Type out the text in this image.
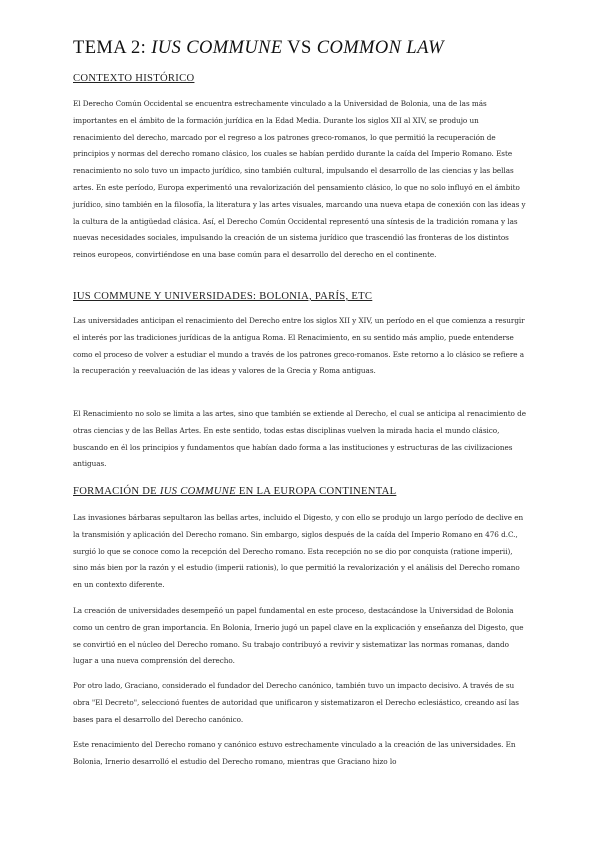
TEMA 2: IUS COMMUNE VS COMMON LAW
CONTEXTO HISTÓRICO

El Derecho Común Occidental se encuentra estrechamente vinculado a la Universidad de Bolonia, una de las más importantes en el ámbito de la formación jurídica en la Edad Media. Durante los siglos XII al XIV, se produjo un renacimiento del derecho, marcado por el regreso a los patrones greco-romanos, lo que permitió la recuperación de principios y normas del derecho romano clásico, los cuales se habían perdido durante la caída del Imperio Romano. Este renacimiento no solo tuvo un impacto jurídico, sino también cultural, impulsando el desarrollo de las ciencias y las bellas artes. En este período, Europa experimentó una revalorización del pensamiento clásico, lo que no solo influyó en el ámbito jurídico, sino también en la filosofía, la literatura y las artes visuales, marcando una nueva etapa de conexión con las ideas y la cultura de la antigüedad clásica. Así, el Derecho Común Occidental representó una síntesis de la tradición romana y las nuevas necesidades sociales, impulsando la creación de un sistema jurídico que trascendió las fronteras de los distintos reinos europeos, convirtiéndose en una base común para el desarrollo del derecho en el continente.

IUS COMMUNE Y UNIVERSIDADES: BOLONIA, PARÍS, ETC

Las universidades anticipan el renacimiento del Derecho entre los siglos XII y XIV, un período en el que comienza a resurgir el interés por las tradiciones jurídicas de la antigua Roma. El Renacimiento, en su sentido más amplio, puede entenderse como el proceso de volver a estudiar el mundo a través de los patrones greco-romanos. Este retorno a lo clásico se refiere a la recuperación y reevaluación de las ideas y valores de la Grecia y Roma antiguas.

El Renacimiento no solo se limita a las artes, sino que también se extiende al Derecho, el cual se anticipa al renacimiento de otras ciencias y de las Bellas Artes. En este sentido, todas estas disciplinas vuelven la mirada hacia el mundo clásico, buscando en él los principios y fundamentos que habían dado forma a las instituciones y estructuras de las civilizaciones antiguas.

FORMACIÓN DE IUS COMMUNE EN LA EUROPA CONTINENTAL

Las invasiones bárbaras sepultaron las bellas artes, incluido el Digesto, y con ello se produjo un largo período de declive en la transmisión y aplicación del Derecho romano. Sin embargo, siglos después de la caída del Imperio Romano en 476 d.C., surgió lo que se conoce como la recepción del Derecho romano. Esta recepción no se dio por conquista (ratione imperii), sino más bien por la razón y el estudio (imperii rationis), lo que permitió la revalorización y el análisis del Derecho romano en un contexto diferente.

La creación de universidades desempeñó un papel fundamental en este proceso, destacándose la Universidad de Bolonia como un centro de gran importancia. En Bolonia, Irnerio jugó un papel clave en la explicación y enseñanza del Digesto, que se convirtió en el núcleo del Derecho romano. Su trabajo contribuyó a revivir y sistematizar las normas romanas, dando lugar a una nueva comprensión del derecho.

Por otro lado, Graciano, considerado el fundador del Derecho canónico, también tuvo un impacto decisivo. A través de su obra "El Decreto", seleccionó fuentes de autoridad que unificaron y sistematizaron el Derecho eclesiástico, creando así las bases para el desarrollo del Derecho canónico.

Este renacimiento del Derecho romano y canónico estuvo estrechamente vinculado a la creación de las universidades. En Bolonia, Irnerio desarrolló el estudio del Derecho romano, mientras que Graciano hizo lo
